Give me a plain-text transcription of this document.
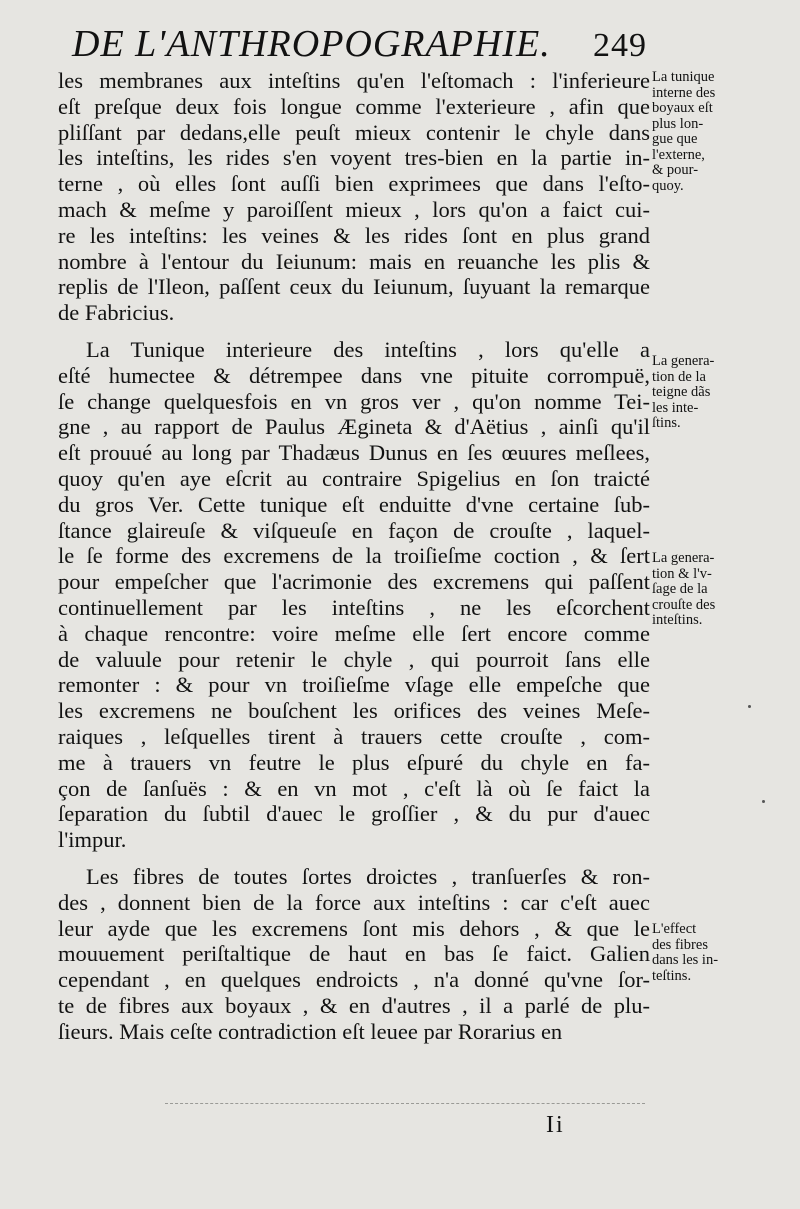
DE L'ANTHROPOGRAPHIE. 249
les membranes aux inteſtins qu'en l'eſtomach : l'inferieure
eſt preſque deux fois longue comme l'exterieure , afin que
pliſſant par dedans,elle peuſt mieux contenir le chyle dans
les inteſtins, les rides s'en voyent tres-bien en la partie in-
terne , où elles ſont auſſi bien exprimees que dans l'eſto-
mach & meſme y paroiſſent mieux , lors qu'on a faict cui-
re les inteſtins: les veines & les rides ſont en plus grand
nombre à l'entour du Ieiunum: mais en reuanche les plis &
replis de l'Ileon, paſſent ceux du Ieiunum, ſuyuant la remarque
de Fabricius.
La Tunique interieure des inteſtins , lors qu'elle a
eſté humectee & détrempee dans vne pituite corrompuë,
ſe change quelquesfois en vn gros ver , qu'on nomme Tei-
gne , au rapport de Paulus Æginetа & d'Aëtius , ainſi qu'il
eſt prouué au long par Thadæus Dunus en ſes œuures meſlees,
quoy qu'en aye eſcrit au contraire Spigelius en ſon traicté
du gros Ver. Cette tunique eſt enduitte d'vne certaine ſub-
ſtance glaireuſe & viſqueuſe en façon de crouſte , laquel-
le ſe forme des excremens de la troiſieſme coction , & ſert
pour empeſcher que l'acrimonie des excremens qui paſſent
continuellement par les inteſtins , ne les eſcorchent
à chaque rencontre: voire meſme elle ſert encore comme
de valuule pour retenir le chyle , qui pourroit ſans elle
remonter : & pour vn troiſieſme vſage elle empeſche que
les excremens ne bouſchent les orifices des veines Meſe-
raiques , leſquelles tirent à trauers cette crouſte , com-
me à trauers vn feutre le plus eſpuré du chyle en fa-
çon de ſanſuës : & en vn mot , c'eſt là où ſe faict la
ſeparation du ſubtil d'auec le groſſier , & du pur d'auec
l'impur.
Les fibres de toutes ſortes droictes , tranſuerſes & ron-
des , donnent bien de la force aux inteſtins : car c'eſt auec
leur ayde que les excremens ſont mis dehors , & que le
mouuement periſtaltique de haut en bas ſe faict. Galien
cependant , en quelques endroicts , n'a donné qu'vne ſor-
te de fibres aux boyaux , & en d'autres , il a parlé de plu-
ſieurs. Mais ceſte contradiction eſt leuee par Rorarius en
La tunique
interne des
boyaux eſt
plus lon-
gue que
l'externe,
& pour-
quoy.
La genera-
tion de la
teigne dãs
les inte-
ſtins.
La genera-
tion & l'v-
ſage de la
crouſte des
inteſtins.
L'effect
des fibres
dans les in-
teſtins.
Ii
